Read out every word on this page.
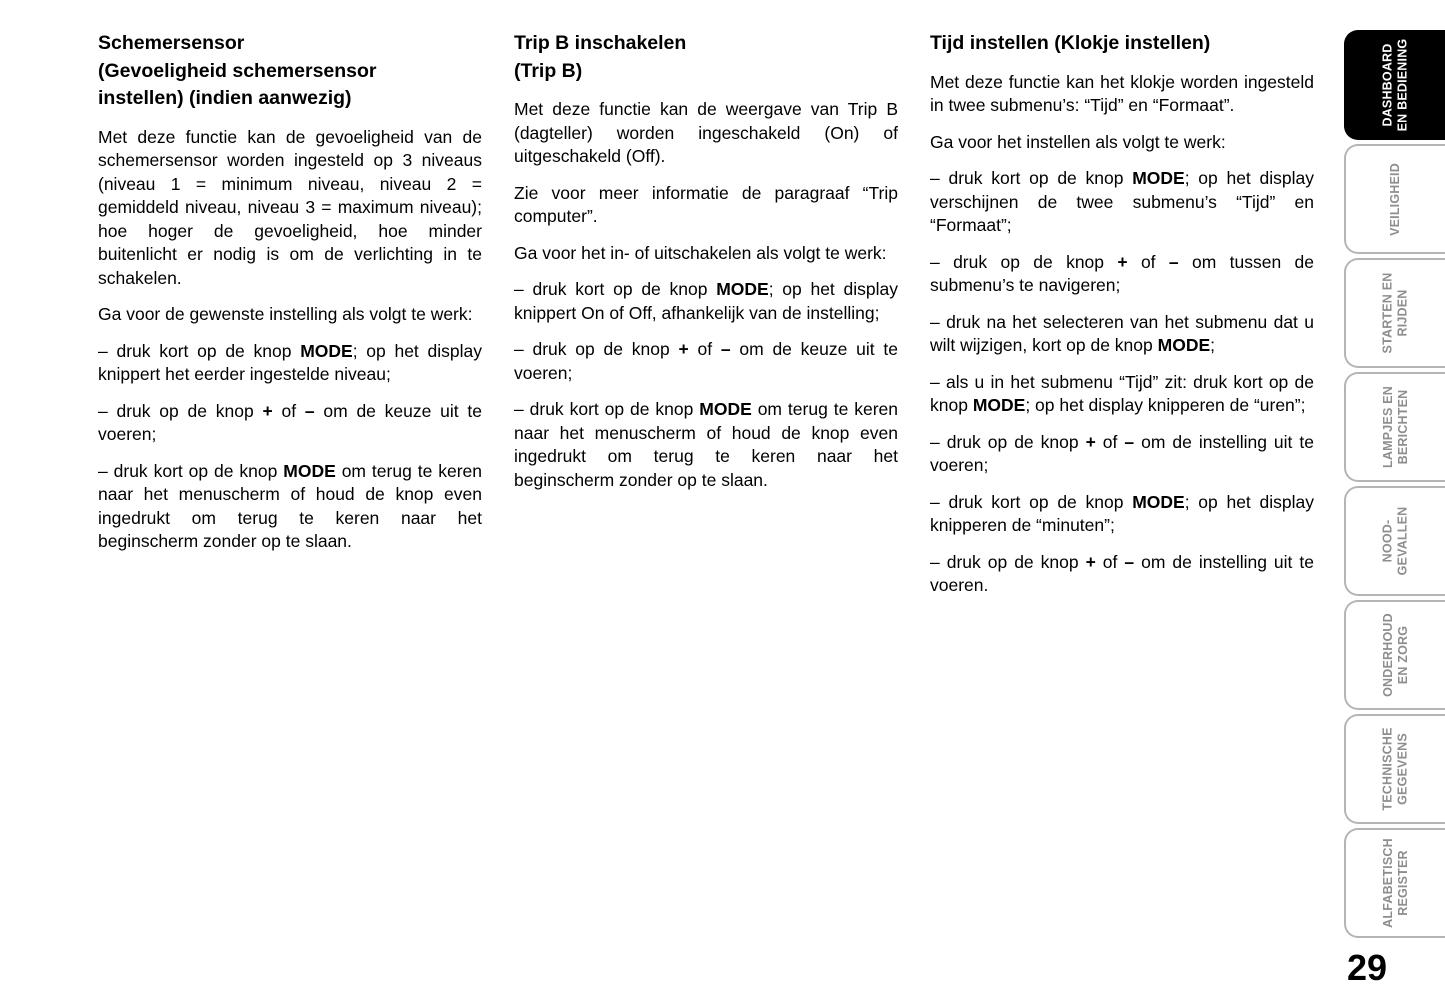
Schemersensor
(Gevoeligheid schemersensor
instellen) (indien aanwezig)

Met deze functie kan de gevoeligheid van de schemersensor worden ingesteld op 3 niveaus (niveau 1 = minimum niveau, niveau 2 = gemiddeld niveau, niveau 3 = maximum niveau); hoe hoger de gevoeligheid, hoe minder buitenlicht er nodig is om de verlichting in te schakelen.

Ga voor de gewenste instelling als volgt te werk:

– druk kort op de knop MODE; op het display knippert het eerder ingestelde niveau;

– druk op de knop + of – om de keuze uit te voeren;

– druk kort op de knop MODE om terug te keren naar het menuscherm of houd de knop even ingedrukt om terug te keren naar het beginscherm zonder op te slaan.

Trip B inschakelen
(Trip B)

Met deze functie kan de weergave van Trip B (dagteller) worden ingeschakeld (On) of uitgeschakeld (Off).

Zie voor meer informatie de paragraaf “Trip computer”.

Ga voor het in- of uitschakelen als volgt te werk:

– druk kort op de knop MODE; op het display knippert On of Off, afhankelijk van de instelling;

– druk op de knop + of – om de keuze uit te voeren;

– druk kort op de knop MODE om terug te keren naar het menuscherm of houd de knop even ingedrukt om terug te keren naar het beginscherm zonder op te slaan.

Tijd instellen (Klokje instellen)

Met deze functie kan het klokje worden ingesteld in twee submenu’s: “Tijd” en “Formaat”.

Ga voor het instellen als volgt te werk:

– druk kort op de knop MODE; op het display verschijnen de twee submenu’s “Tijd” en “Formaat”;

– druk op de knop + of – om tussen de submenu’s te navigeren;

– druk na het selecteren van het submenu dat u wilt wijzigen, kort op de knop MODE;

– als u in het submenu “Tijd” zit: druk kort op de knop MODE; op het display knipperen de “uren”;

– druk op de knop + of – om de instelling uit te voeren;

– druk kort op de knop MODE; op het display knipperen de “minuten”;

– druk op de knop + of – om de instelling uit te voeren.

DASHBOARD
EN BEDIENING
VEILIGHEID
STARTEN EN
RIJDEN
LAMPJES EN
BERICHTEN
NOOD-
GEVALLEN
ONDERHOUD
EN ZORG
TECHNISCHE
GEGEVENS
ALFABETISCH
REGISTER
29
